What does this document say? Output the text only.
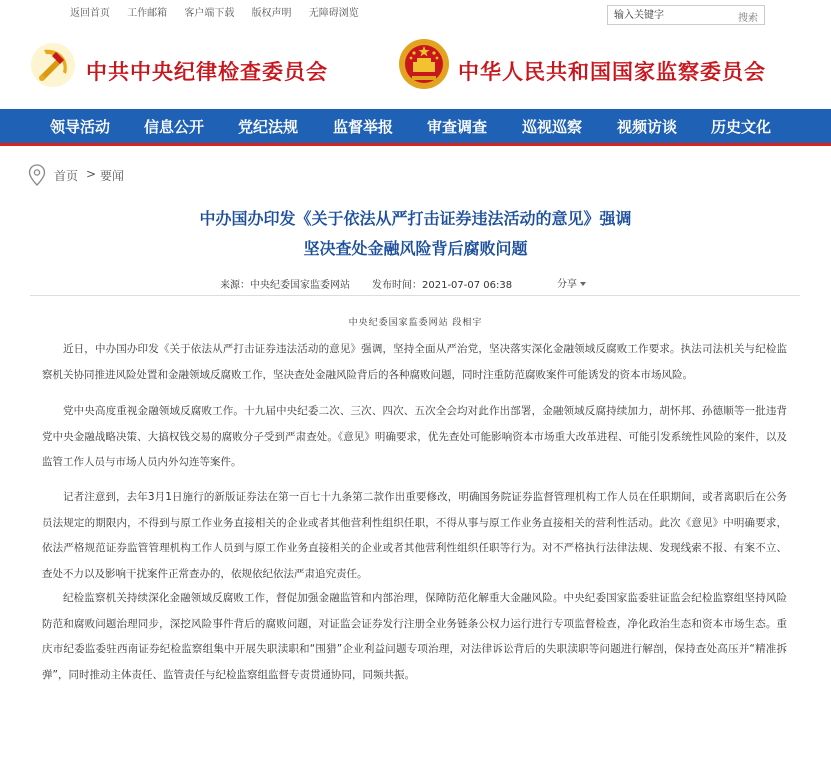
返回首页 工作邮箱 客户端下载 版权声明 无障碍浏览
输入关键字	搜索
中共中央纪律检查委员会	中华人民共和国国家监察委员会
领导活动 信息公开 党纪法规 监督举报 审查调查 巡视巡察 视频访谈 历史文化
首页 > 要闻
中办国办印发《关于依法从严打击证券违法活动的意见》强调
坚决查处金融风险背后腐败问题
来源：中央纪委国家监委网站 发布时间：2021-07-07 06:38	分享
中央纪委国家监委网站 段相宇

近日，中办国办印发《关于依法从严打击证券违法活动的意见》强调，坚持全面从严治党，坚决落实深化金融领域反腐败工作要求。执法司法机关与纪检监察机关协同推进风险处置和金融领域反腐败工作，坚决查处金融风险背后的各种腐败问题，同时注重防范腐败案件可能诱发的资本市场风险。

党中央高度重视金融领域反腐败工作。十九届中央纪委二次、三次、四次、五次全会均对此作出部署，金融领域反腐持续加力，胡怀邦、孙德顺等一批违背党中央金融战略决策、大搞权钱交易的腐败分子受到严肃查处。《意见》明确要求，优先查处可能影响资本市场重大改革进程、可能引发系统性风险的案件，以及监管工作人员与市场人员内外勾连等案件。

记者注意到，去年3月1日施行的新版证券法在第一百七十九条第二款作出重要修改，明确国务院证券监督管理机构工作人员在任职期间，或者离职后在公务员法规定的期限内，不得到与原工作业务直接相关的企业或者其他营利性组织任职，不得从事与原工作业务直接相关的营利性活动。此次《意见》中明确要求，依法严格规范证券监管管理机构工作人员到与原工作业务直接相关的企业或者其他营利性组织任职等行为。对不严格执行法律法规、发现线索不报、有案不立、查处不力以及影响干扰案件正常查办的，依规依纪依法严肃追究责任。

纪检监察机关持续深化金融领域反腐败工作，督促加强金融监管和内部治理，保障防范化解重大金融风险。中央纪委国家监委驻证监会纪检监察组坚持风险防范和腐败问题治理同步，深挖风险事件背后的腐败问题，对证监会证券发行注册全业务链条公权力运行进行专项监督检查，净化政治生态和资本市场生态。重庆市纪委监委驻西南证券纪检监察组集中开展失职渎职和“围猎”企业利益问题专项治理，对法律诉讼背后的失职渎职等问题进行解剖，保持查处高压并“精准拆弹”，同时推动主体责任、监管责任与纪检监察组监督专责贯通协同，同频共振。
